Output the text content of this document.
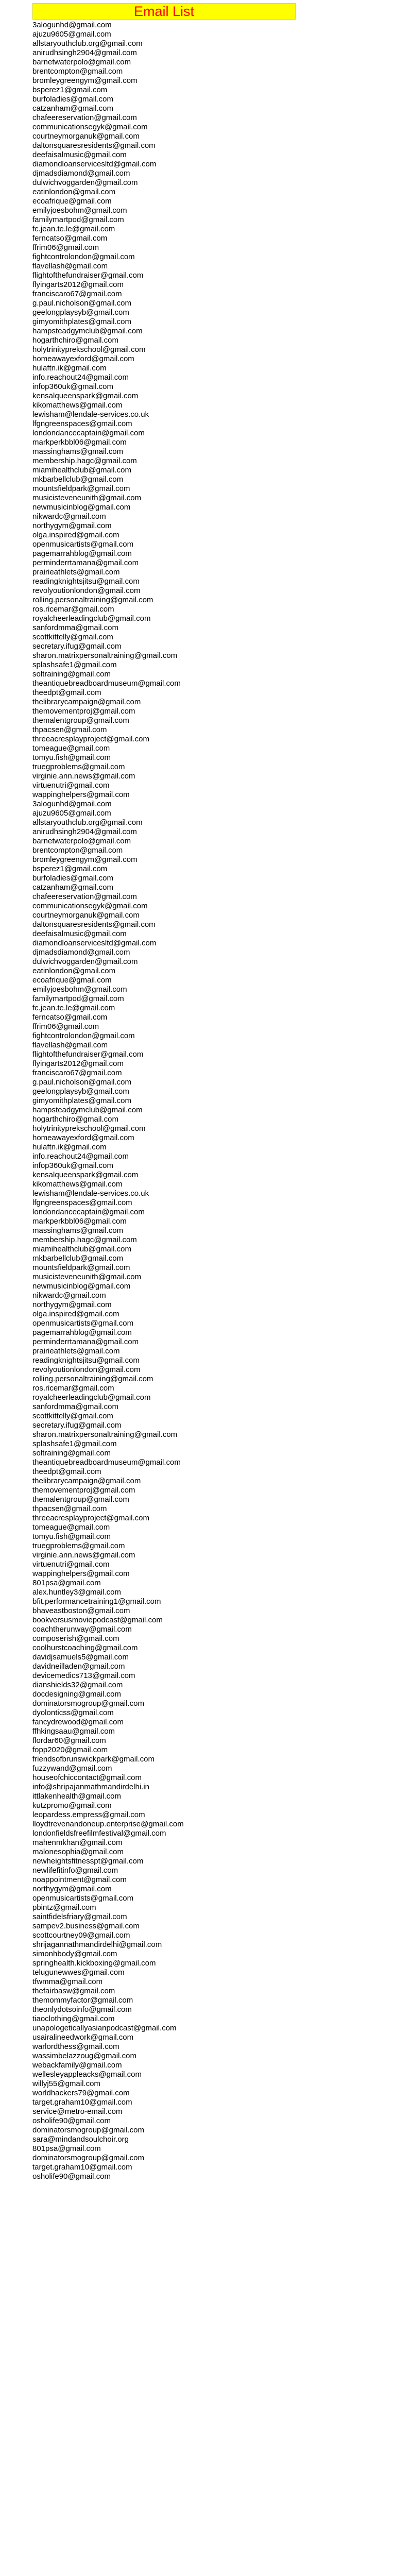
Email List
3alogunhd@gmail.com
ajuzu9605@gmail.com
allstaryouthclub.org@gmail.com
anirudhsingh2904@gmail.com
barnetwaterpolo@gmail.com
brentcompton@gmail.com
bromleygreengym@gmail.com
bsperez1@gmail.com
burfoladies@gmail.com
catzanham@gmail.com
chafeereservation@gmail.com
communicationsegyk@gmail.com
courtneymorganuk@gmail.com
daltonsquaresresidents@gmail.com
deefaisalmusic@gmail.com
diamondloanservicesltd@gmail.com
djmadsdiamond@gmail.com
dulwichvoggarden@gmail.com
eatinlondon@gmail.com
ecoafrique@gmail.com
emilyjoesbohm@gmail.com
familymartpod@gmail.com
fc.jean.te.le@gmail.com
ferncatso@gmail.com
ffrim06@gmail.com
fightcontrolondon@gmail.com
flavellash@gmail.com
flightofthefundraiser@gmail.com
flyingarts2012@gmail.com
franciscaro67@gmail.com
g.paul.nicholson@gmail.com
geelongplaysyb@gmail.com
gimyomithplates@gmail.com
hampsteadgymclub@gmail.com
hogarthchiro@gmail.com
holytrinityprekschool@gmail.com
homeawayexford@gmail.com
hulaftn.ik@gmail.com
info.reachout24@gmail.com
infop360uk@gmail.com
kensalqueenspark@gmail.com
kikomatthews@gmail.com
lewisham@lendale-services.co.uk
lfgngreenspaces@gmail.com
londondancecaptain@gmail.com
markperkbbl06@gmail.com
massinghams@gmail.com
membership.hagc@gmail.com
miamihealthclub@gmail.com
mkbarbellclub@gmail.com
mountsfieldpark@gmail.com
musicisteveneunith@gmail.com
newmusicinblog@gmail.com
nikwardc@gmail.com
northygym@gmail.com
olga.inspired@gmail.com
openmusicartists@gmail.com
pagemarrahblog@gmail.com
perminderrtamana@gmail.com
prairieathlets@gmail.com
readingknightsjitsu@gmail.com
revolyoutionlondon@gmail.com
rolling.personaltraining@gmail.com
ros.ricemar@gmail.com
royalcheerleadingclub@gmail.com
sanfordmma@gmail.com
scottkittelly@gmail.com
secretary.ifug@gmail.com
sharon.matrixpersonaltraining@gmail.com
splashsafe1@gmail.com
soltraining@gmail.com
theantiquebreadboardmuseum@gmail.com
theedpt@gmail.com
thelibrarycampaign@gmail.com
themovementproj@gmail.com
themalentgroup@gmail.com
thpacsen@gmail.com
threeacresplayproject@gmail.com
tomeague@gmail.com
tomyu.fish@gmail.com
truegproblems@gmail.com
virginie.ann.news@gmail.com
virtuenutri@gmail.com
wappinghelpers@gmail.com
3alogunhd@gmail.com
ajuzu9605@gmail.com
allstaryouthclub.org@gmail.com
anirudhsingh2904@gmail.com
barnetwaterpolo@gmail.com
brentcompton@gmail.com
bromleygreengym@gmail.com
bsperez1@gmail.com
burfoladies@gmail.com
catzanham@gmail.com
chafeereservation@gmail.com
communicationsegyk@gmail.com
courtneymorganuk@gmail.com
daltonsquaresresidents@gmail.com
deefaisalmusic@gmail.com
diamondloanservicesltd@gmail.com
djmadsdiamond@gmail.com
dulwichvoggarden@gmail.com
eatinlondon@gmail.com
ecoafrique@gmail.com
emilyjoesbohm@gmail.com
familymartpod@gmail.com
fc.jean.te.le@gmail.com
ferncatso@gmail.com
ffrim06@gmail.com
fightcontrolondon@gmail.com
flavellash@gmail.com
flightofthefundraiser@gmail.com
flyingarts2012@gmail.com
franciscaro67@gmail.com
g.paul.nicholson@gmail.com
geelongplaysyb@gmail.com
gimyomithplates@gmail.com
hampsteadgymclub@gmail.com
hogarthchiro@gmail.com
holytrinityprekschool@gmail.com
homeawayexford@gmail.com
hulaftn.ik@gmail.com
info.reachout24@gmail.com
infop360uk@gmail.com
kensalqueenspark@gmail.com
kikomatthews@gmail.com
lewisham@lendale-services.co.uk
lfgngreenspaces@gmail.com
londondancecaptain@gmail.com
markperkbbl06@gmail.com
massinghams@gmail.com
membership.hagc@gmail.com
miamihealthclub@gmail.com
mkbarbellclub@gmail.com
mountsfieldpark@gmail.com
musicisteveneunith@gmail.com
newmusicinblog@gmail.com
nikwardc@gmail.com
northygym@gmail.com
olga.inspired@gmail.com
openmusicartists@gmail.com
pagemarrahblog@gmail.com
perminderrtamana@gmail.com
prairieathlets@gmail.com
readingknightsjitsu@gmail.com
revolyoutionlondon@gmail.com
rolling.personaltraining@gmail.com
ros.ricemar@gmail.com
royalcheerleadingclub@gmail.com
sanfordmma@gmail.com
scottkittelly@gmail.com
secretary.ifug@gmail.com
sharon.matrixpersonaltraining@gmail.com
splashsafe1@gmail.com
soltraining@gmail.com
theantiquebreadboardmuseum@gmail.com
theedpt@gmail.com
thelibrarycampaign@gmail.com
themovementproj@gmail.com
themalentgroup@gmail.com
thpacsen@gmail.com
threeacresplayproject@gmail.com
tomeague@gmail.com
tomyu.fish@gmail.com
truegproblems@gmail.com
virginie.ann.news@gmail.com
virtuenutri@gmail.com
wappinghelpers@gmail.com
801psa@gmail.com
alex.huntley3@gmail.com
bfit.performancetraining1@gmail.com
bhaveastboston@gmail.com
bookversusmoviepodcast@gmail.com
coachtherunway@gmail.com
composerish@gmail.com
coolhurstcoaching@gmail.com
davidjsamuels5@gmail.com
davidneilladen@gmail.com
devicemedics713@gmail.com
dianshields32@gmail.com
docdesigning@gmail.com
dominatorsmogroup@gmail.com
dyolonticss@gmail.com
fancydrewood@gmail.com
ffhkingsaau@gmail.com
flordar60@gmail.com
fopp2020@gmail.com
friendsofbrunswickpark@gmail.com
fuzzywand@gmail.com
houseofchiccontact@gmail.com
info@shripajanmathmandirdelhi.in
ittlakenhealth@gmail.com
kutzpromo@gmail.com
leopardess.empress@gmail.com
lloydtrevenandoneup.enterprise@gmail.com
londonfieldsfreefilmfestival@gmail.com
mahenmkhan@gmail.com
malonesophia@gmail.com
newheightsfitnesspt@gmail.com
newlifefitinfo@gmail.com
noappointment@gmail.com
northygym@gmail.com
openmusicartists@gmail.com
pbintz@gmail.com
saintfidelsfriary@gmail.com
sampev2.business@gmail.com
scottcourtney09@gmail.com
shrijagannathmandirdelhi@gmail.com
simonhbody@gmail.com
springhealth.kickboxing@gmail.com
telugunewwes@gmail.com
tfwmma@gmail.com
thefairbasw@gmail.com
themommyfactor@gmail.com
theonlydotsoinfo@gmail.com
tiaoclothing@gmail.com
unapologeticallyasianpodcast@gmail.com
usairalineedwork@gmail.com
warlordthess@gmail.com
wassimbelazzoug@gmail.com
webackfamily@gmail.com
wellesleyappleacks@gmail.com
willyj55@gmail.com
worldhackers79@gmail.com
target.graham10@gmail.com
service@metro-email.com
osholife90@gmail.com
dominatorsmogroup@gmail.com
sara@mindandsoulchoir.org
801psa@gmail.com
dominatorsmogroup@gmail.com
target.graham10@gmail.com
osholife90@gmail.com
